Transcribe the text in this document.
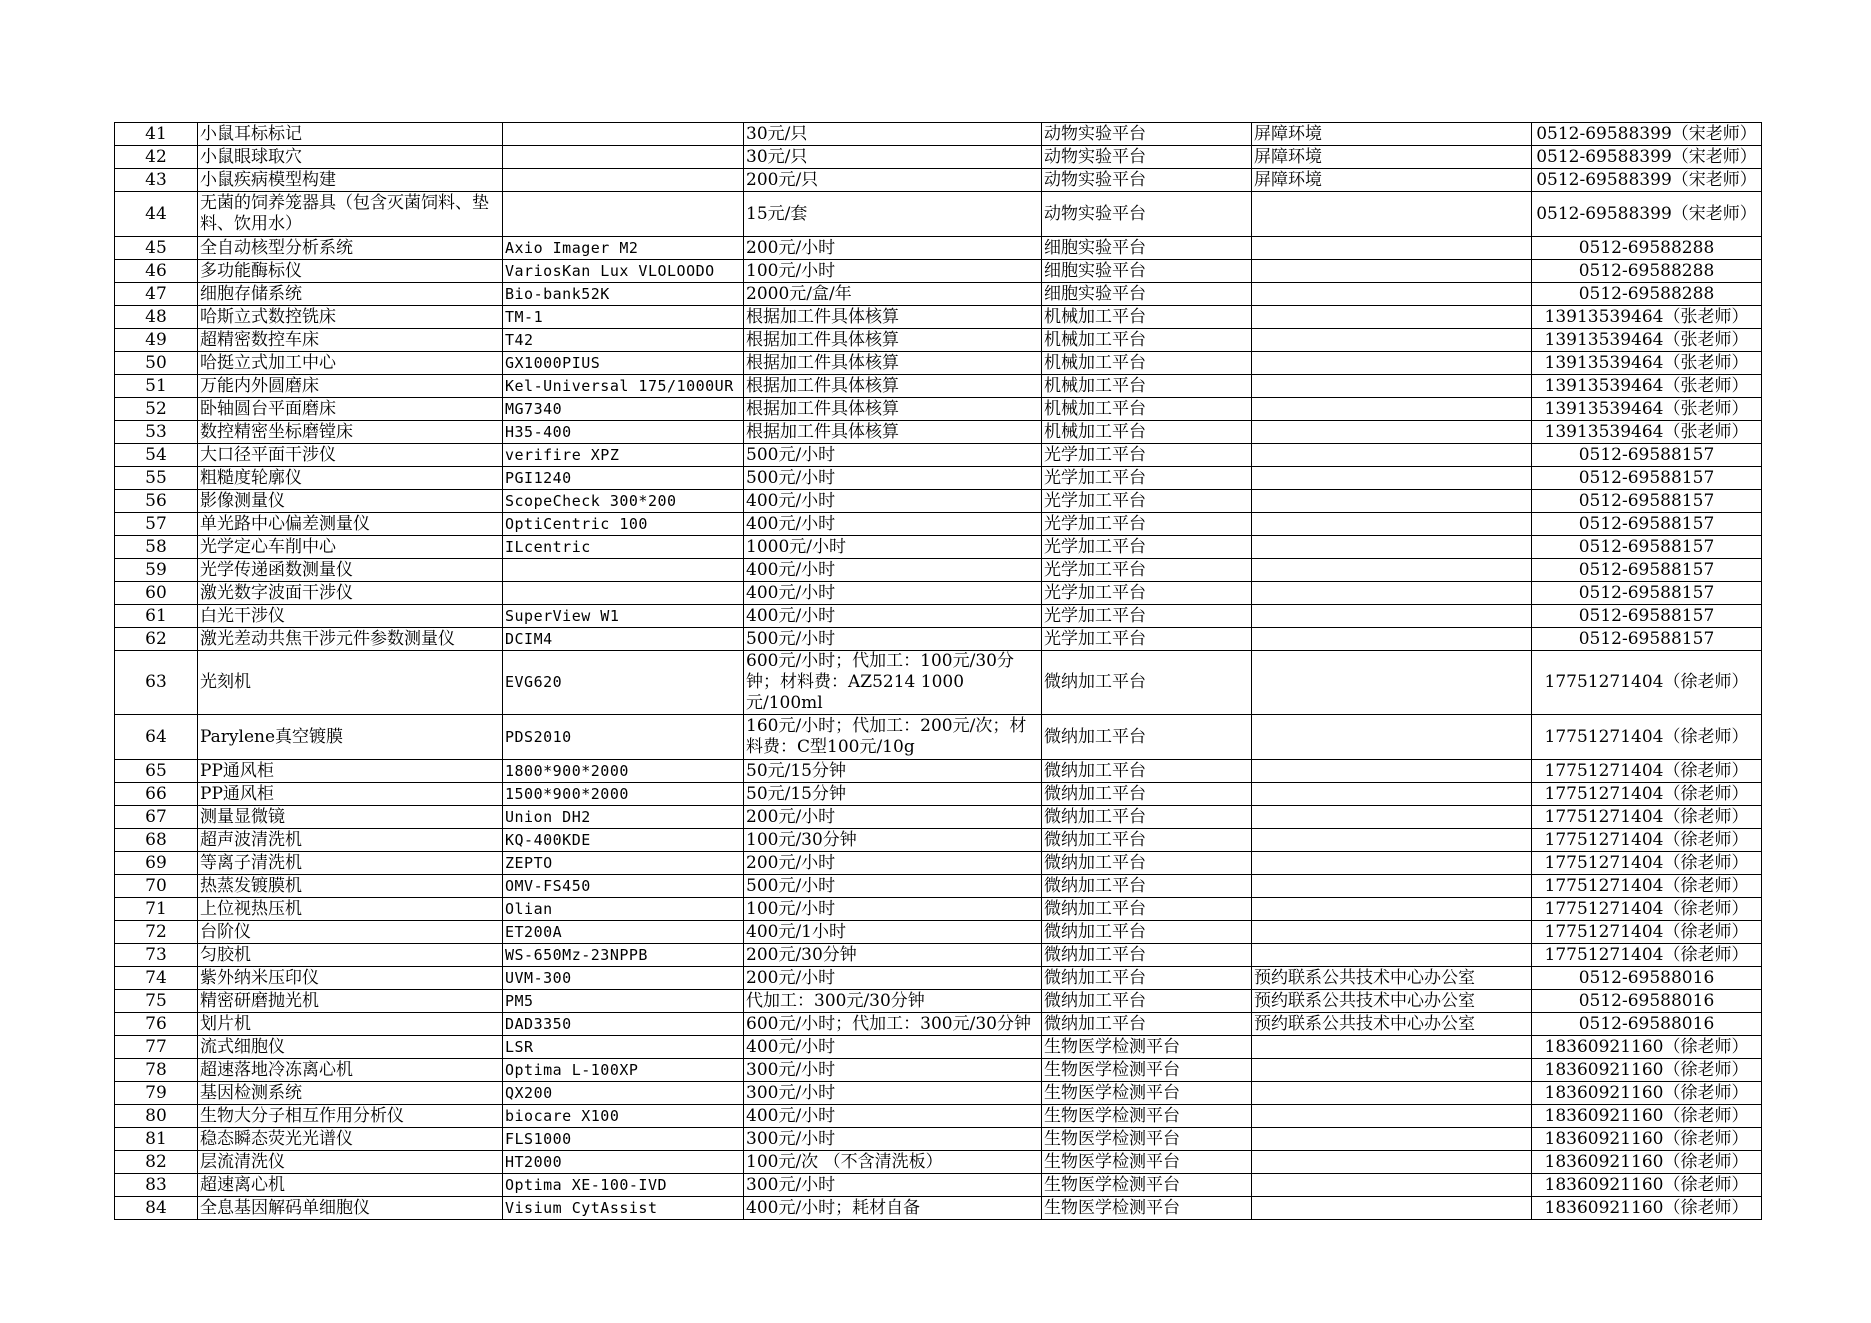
41	小鼠耳标标记		30元/只	动物实验平台	屏障环境	0512-69588399（宋老师）
42	小鼠眼球取穴		30元/只	动物实验平台	屏障环境	0512-69588399（宋老师）
43	小鼠疾病模型构建		200元/只	动物实验平台	屏障环境	0512-69588399（宋老师）
44	无菌的饲养笼器具（包含灭菌饲料、垫料、饮用水）		15元/套	动物实验平台		0512-69588399（宋老师）
45	全自动核型分析系统	Axio Imager M2	200元/小时	细胞实验平台		0512-69588288
46	多功能酶标仪	VariosKan Lux VLOLOODO	100元/小时	细胞实验平台		0512-69588288
47	细胞存储系统	Bio-bank52K	2000元/盒/年	细胞实验平台		0512-69588288
48	哈斯立式数控铣床	TM-1	根据加工件具体核算	机械加工平台		13913539464（张老师）
49	超精密数控车床	T42	根据加工件具体核算	机械加工平台		13913539464（张老师）
50	哈挺立式加工中心	GX1000PIUS	根据加工件具体核算	机械加工平台		13913539464（张老师）
51	万能内外圆磨床	Kel-Universal 175/1000UR	根据加工件具体核算	机械加工平台		13913539464（张老师）
52	卧轴圆台平面磨床	MG7340	根据加工件具体核算	机械加工平台		13913539464（张老师）
53	数控精密坐标磨镗床	H35-400	根据加工件具体核算	机械加工平台		13913539464（张老师）
54	大口径平面干涉仪	verifire XPZ	500元/小时	光学加工平台		0512-69588157
55	粗糙度轮廓仪	PGI1240	500元/小时	光学加工平台		0512-69588157
56	影像测量仪	ScopeCheck 300*200	400元/小时	光学加工平台		0512-69588157
57	单光路中心偏差测量仪	OptiCentric 100	400元/小时	光学加工平台		0512-69588157
58	光学定心车削中心	ILcentric	1000元/小时	光学加工平台		0512-69588157
59	光学传递函数测量仪		400元/小时	光学加工平台		0512-69588157
60	激光数字波面干涉仪		400元/小时	光学加工平台		0512-69588157
61	白光干涉仪	SuperView W1	400元/小时	光学加工平台		0512-69588157
62	激光差动共焦干涉元件参数测量仪	DCIM4	500元/小时	光学加工平台		0512-69588157
63	光刻机	EVG620	600元/小时；代加工：100元/30分钟；材料费：AZ5214 1000元/100ml	微纳加工平台		17751271404（徐老师）
64	Parylene真空镀膜	PDS2010	160元/小时；代加工：200元/次；材料费：C型100元/10g	微纳加工平台		17751271404（徐老师）
65	PP通风柜	1800*900*2000	50元/15分钟	微纳加工平台		17751271404（徐老师）
66	PP通风柜	1500*900*2000	50元/15分钟	微纳加工平台		17751271404（徐老师）
67	测量显微镜	Union DH2	200元/小时	微纳加工平台		17751271404（徐老师）
68	超声波清洗机	KQ-400KDE	100元/30分钟	微纳加工平台		17751271404（徐老师）
69	等离子清洗机	ZEPTO	200元/小时	微纳加工平台		17751271404（徐老师）
70	热蒸发镀膜机	OMV-FS450	500元/小时	微纳加工平台		17751271404（徐老师）
71	上位视热压机	Olian	100元/小时	微纳加工平台		17751271404（徐老师）
72	台阶仪	ET200A	400元/1小时	微纳加工平台		17751271404（徐老师）
73	匀胶机	WS-650Mz-23NPPB	200元/30分钟	微纳加工平台		17751271404（徐老师）
74	紫外纳米压印仪	UVM-300	200元/小时	微纳加工平台	预约联系公共技术中心办公室	0512-69588016
75	精密研磨抛光机	PM5	代加工：300元/30分钟	微纳加工平台	预约联系公共技术中心办公室	0512-69588016
76	划片机	DAD3350	600元/小时；代加工：300元/30分钟	微纳加工平台	预约联系公共技术中心办公室	0512-69588016
77	流式细胞仪	LSR	400元/小时	生物医学检测平台		18360921160（徐老师）
78	超速落地冷冻离心机	Optima L-100XP	300元/小时	生物医学检测平台		18360921160（徐老师）
79	基因检测系统	QX200	300元/小时	生物医学检测平台		18360921160（徐老师）
80	生物大分子相互作用分析仪	biocare X100	400元/小时	生物医学检测平台		18360921160（徐老师）
81	稳态瞬态荧光光谱仪	FLS1000	300元/小时	生物医学检测平台		18360921160（徐老师）
82	层流清洗仪	HT2000	100元/次 （不含清洗板）	生物医学检测平台		18360921160（徐老师）
83	超速离心机	Optima XE-100-IVD	300元/小时	生物医学检测平台		18360921160（徐老师）
84	全息基因解码单细胞仪	Visium CytAssist	400元/小时；耗材自备	生物医学检测平台		18360921160（徐老师）
